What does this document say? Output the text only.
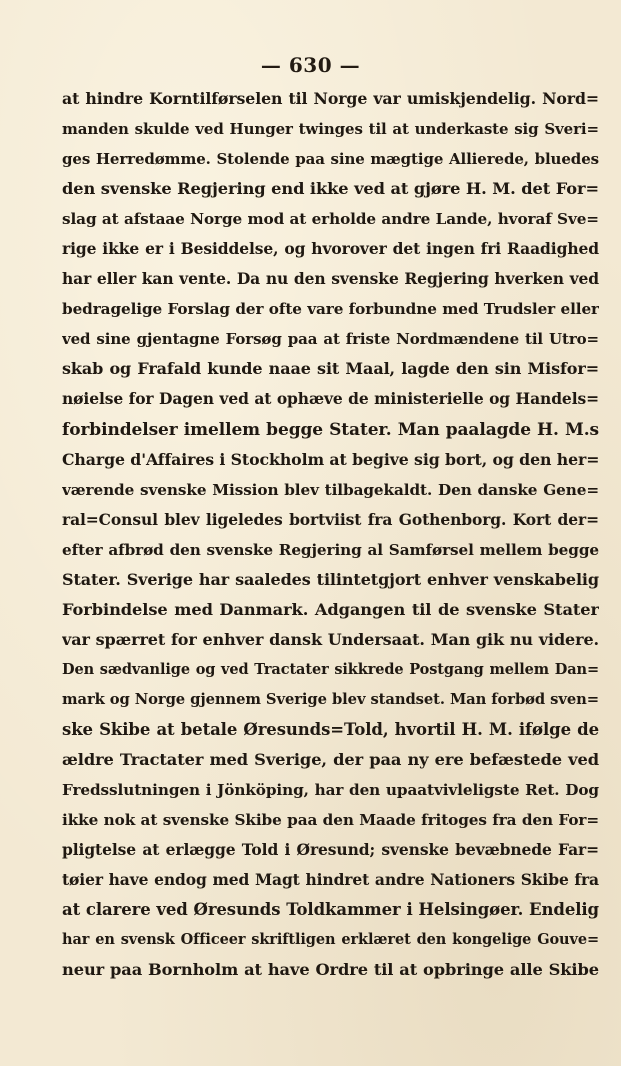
— 630 —
at hindre Korntilførselen til Norge var umiskjendelig. Nord=
manden skulde ved Hunger twinges til at underkaste sig Sveri=
ges Herredømme. Stolende paa sine mægtige Allierede, bluedes
den svenske Regjering end ikke ved at gjøre H. M. det For=
slag at afstaae Norge mod at erholde andre Lande, hvoraf Sve=
rige ikke er i Besiddelse, og hvorover det ingen fri Raadighed
har eller kan vente. Da nu den svenske Regjering hverken ved
bedragelige Forslag der ofte vare forbundne med Trudsler eller
ved sine gjentagne Forsøg paa at friste Nordmændene til Utro=
skab og Frafald kunde naae sit Maal, lagde den sin Misfor=
nøielse for Dagen ved at ophæve de ministerielle og Handels=
forbindelser imellem begge Stater. Man paalagde H. M.s
Charge d'Affaires i Stockholm at begive sig bort, og den her=
værende svenske Mission blev tilbagekaldt. Den danske Gene=
ral=Consul blev ligeledes bortviist fra Gothenborg. Kort der=
efter afbrød den svenske Regjering al Samførsel mellem begge
Stater. Sverige har saaledes tilintetgjort enhver venskabelig
Forbindelse med Danmark. Adgangen til de svenske Stater
var spærret for enhver dansk Undersaat. Man gik nu videre.
Den sædvanlige og ved Tractater sikkrede Postgang mellem Dan=
mark og Norge gjennem Sverige blev standset. Man forbød sven=
ske Skibe at betale Øresunds=Told, hvortil H. M. ifølge de
ældre Tractater med Sverige, der paa ny ere befæstede ved
Fredsslutningen i Jönköping, har den upaatvivleligste Ret. Dog
ikke nok at svenske Skibe paa den Maade fritoges fra den For=
pligtelse at erlægge Told i Øresund; svenske bevæbnede Far=
tøier have endog med Magt hindret andre Nationers Skibe fra
at clarere ved Øresunds Toldkammer i Helsingøer. Endelig
har en svensk Officeer skriftligen erklæret den kongelige Gouve=
neur paa Bornholm at have Ordre til at opbringe alle Skibe
